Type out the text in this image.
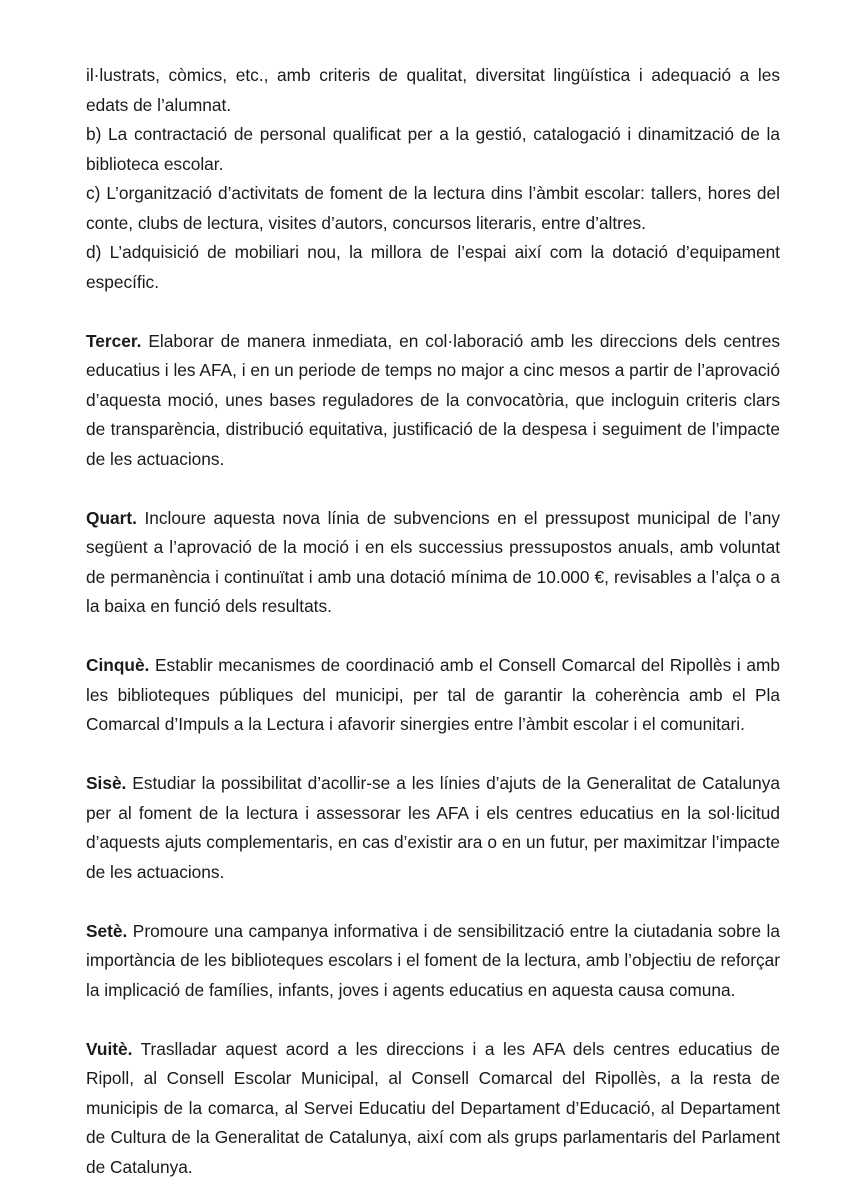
il·lustrats, còmics, etc., amb criteris de qualitat, diversitat lingüística i adequació a les edats de l’alumnat.

b) La contractació de personal qualificat per a la gestió, catalogació i dinamització de la biblioteca escolar.

c) L’organització d’activitats de foment de la lectura dins l’àmbit escolar: tallers, hores del conte, clubs de lectura, visites d’autors, concursos literaris, entre d’altres.

d) L’adquisició de mobiliari nou, la millora de l’espai així com la dotació d’equipament específic.

Tercer. Elaborar de manera inmediata, en col·laboració amb les direccions dels centres educatius i les AFA, i en un periode de temps no major a cinc mesos a partir de l’aprovació d’aquesta moció, unes bases reguladores de la convocatòria, que incloguin criteris clars de transparència, distribució equitativa, justificació de la despesa i seguiment de l’impacte de les actuacions.

Quart. Incloure aquesta nova línia de subvencions en el pressupost municipal de l’any següent a l’aprovació de la moció i en els successius pressupostos anuals, amb voluntat de permanència i continuïtat i amb una dotació mínima de 10.000 €, revisables a l’alça o a la baixa en funció dels resultats.

Cinquè. Establir mecanismes de coordinació amb el Consell Comarcal del Ripollès i amb les biblioteques públiques del municipi, per tal de garantir la coherència amb el Pla Comarcal d’Impuls a la Lectura i afavorir sinergies entre l’àmbit escolar i el comunitari.

Sisè. Estudiar la possibilitat d’acollir-se a les línies d’ajuts de la Generalitat de Catalunya per al foment de la lectura i assessorar les AFA i els centres educatius en la sol·licitud d’aquests ajuts complementaris, en cas d’existir ara o en un futur, per maximitzar l’impacte de les actuacions.

Setè. Promoure una campanya informativa i de sensibilització entre la ciutadania sobre la importància de les biblioteques escolars i el foment de la lectura, amb l’objectiu de reforçar la implicació de famílies, infants, joves i agents educatius en aquesta causa comuna.

Vuitè. Traslladar aquest acord a les direccions i a les AFA dels centres educatius de Ripoll, al Consell Escolar Municipal, al Consell Comarcal del Ripollès, a la resta de municipis de la comarca, al Servei Educatiu del Departament d’Educació, al Departament de Cultura de la Generalitat de Catalunya, així com als grups parlamentaris del Parlament de Catalunya.
